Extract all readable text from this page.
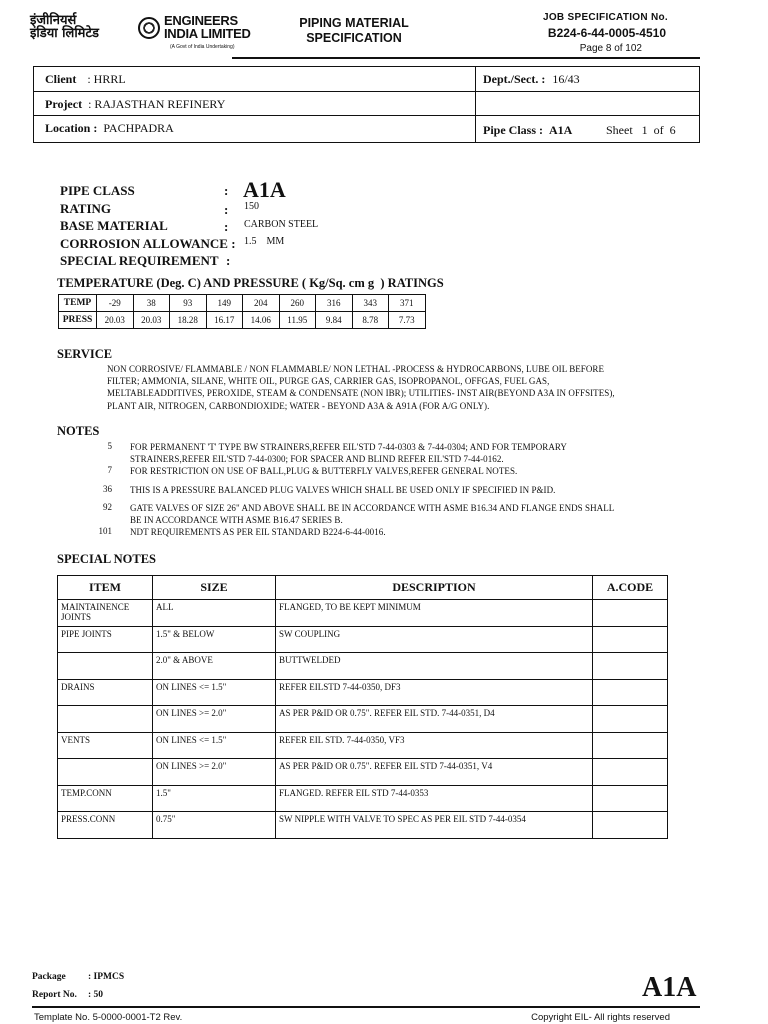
इंजीनियर्स
इंडिया लिमिटेड
ENGINEERS
INDIA LIMITED
(A Govt of India Undertaking)
PIPING MATERIAL
SPECIFICATION
JOB SPECIFICATION No.
B224-6-44-0005-4510
Page 8 of 102
Client : HRRL	Dept./Sect. : 16/43
Project : RAJASTHAN REFINERY
Location : PACHPADRA	Pipe Class : A1A	Sheet   1  of  6
PIPE CLASS	: A1A
RATING	: 150
BASE MATERIAL	: CARBON STEEL
CORROSION ALLOWANCE : 1.5    MM
SPECIAL REQUIREMENT :
TEMPERATURE (Deg. C) AND PRESSURE ( Kg/Sq. cm g  ) RATINGS
TEMP	-29	38	93	149	204	260	316	343	371
PRESS	20.03	20.03	18.28	16.17	14.06	11.95	9.84	8.78	7.73
SERVICE
NON CORROSIVE/ FLAMMABLE / NON FLAMMABLE/ NON LETHAL -PROCESS & HYDROCARBONS, LUBE OIL BEFORE
FILTER; AMMONIA, SILANE, WHITE OIL, PURGE GAS, CARRIER GAS, ISOPROPANOL, OFFGAS, FUEL GAS,
MELTABLEADDITIVES, PEROXIDE, STEAM & CONDENSATE (NON IBR); UTILITIES- INST AIR(BEYOND A3A IN OFFSITES),
PLANT AIR, NITROGEN, CARBONDIOXIDE; WATER - BEYOND A3A & A91A (FOR A/G ONLY).
NOTES
5 FOR PERMANENT 'T' TYPE BW STRAINERS,REFER EIL'STD 7-44-0303 & 7-44-0304; AND FOR TEMPORARY
STRAINERS,REFER EIL'STD 7-44-0300; FOR SPACER AND BLIND REFER EIL'STD 7-44-0162.
7 FOR RESTRICTION ON USE OF BALL,PLUG & BUTTERFLY VALVES,REFER GENERAL NOTES.
36 THIS IS A PRESSURE BALANCED PLUG VALVES WHICH SHALL BE USED ONLY IF SPECIFIED IN P&ID.
92 GATE VALVES OF SIZE 26" AND ABOVE SHALL BE IN ACCORDANCE WITH ASME B16.34 AND FLANGE ENDS SHALL
BE IN ACCORDANCE WITH ASME B16.47 SERIES B.
101 NDT REQUIREMENTS AS PER EIL STANDARD B224-6-44-0016.
SPECIAL NOTES
ITEM	SIZE	DESCRIPTION	A.CODE
MAINTAINENCE JOINTS	ALL	FLANGED, TO BE KEPT MINIMUM	
PIPE JOINTS	1.5" & BELOW	SW COUPLING	
	2.0" & ABOVE	BUTTWELDED	
DRAINS	ON LINES <= 1.5"	REFER EILSTD 7-44-0350, DF3	
	ON LINES >= 2.0"	AS PER P&ID OR 0.75". REFER EIL STD. 7-44-0351, D4	
VENTS	ON LINES <= 1.5"	REFER EIL STD. 7-44-0350, VF3	
	ON LINES >= 2.0"	AS PER P&ID OR 0.75". REFER EIL STD 7-44-0351, V4	
TEMP.CONN	1.5"	FLANGED. REFER EIL STD 7-44-0353	
PRESS.CONN	0.75"	SW NIPPLE WITH VALVE TO SPEC AS PER EIL STD 7-44-0354	
Package : IPMCS
Report No. : 50	A1A
Template No. 5-0000-0001-T2 Rev.	Copyright EIL- All rights reserved
